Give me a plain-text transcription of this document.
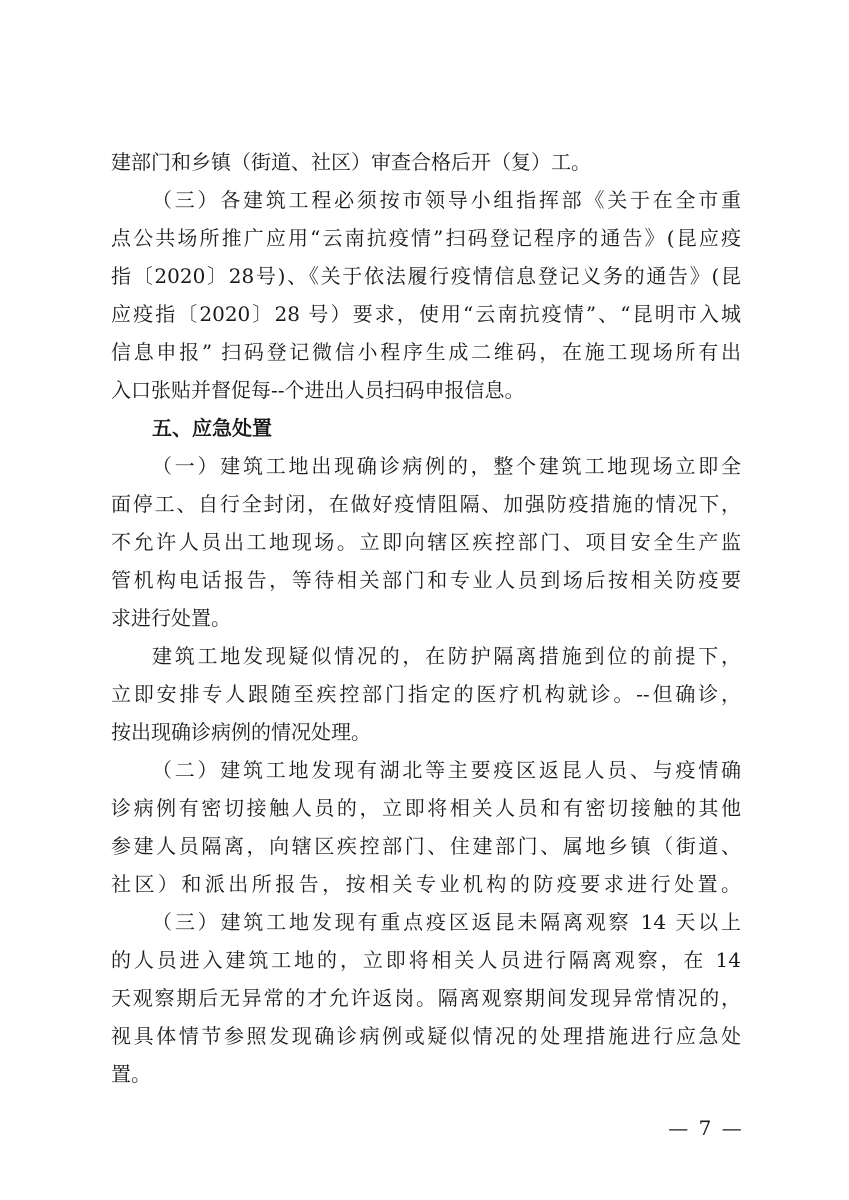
建部门和乡镇（街道、社区）审查合格后开（复）工。
（三）各建筑工程必须按市领导小组指挥部《关于在全市重
点公共场所推广应用“云南抗疫情”扫码登记程序的通告》(昆应疫
指〔2020〕28号)、《关于依法履行疫情信息登记义务的通告》(昆
应疫指〔2020〕28 号）要求，使用“云南抗疫情”、“昆明市入城
信息申报” 扫码登记微信小程序生成二维码，在施工现场所有出
入口张贴并督促每--个进出人员扫码申报信息。
五、应急处置
（一）建筑工地出现确诊病例的，整个建筑工地现场立即全
面停工、自行全封闭，在做好疫情阻隔、加强防疫措施的情况下，
不允许人员出工地现场。立即向辖区疾控部门、项目安全生产监
管机构电话报告，等待相关部门和专业人员到场后按相关防疫要
求进行处置。
建筑工地发现疑似情况的，在防护隔离措施到位的前提下，
立即安排专人跟随至疾控部门指定的医疗机构就诊。--但确诊，
按出现确诊病例的情况处理。
（二）建筑工地发现有湖北等主要疫区返昆人员、与疫情确
诊病例有密切接触人员的，立即将相关人员和有密切接触的其他
参建人员隔离，向辖区疾控部门、住建部门、属地乡镇（街道、
社区）和派出所报告，按相关专业机构的防疫要求进行处置。
（三）建筑工地发现有重点疫区返昆未隔离观察 14 天以上
的人员进入建筑工地的，立即将相关人员进行隔离观察，在 14
天观察期后无异常的才允许返岗。隔离观察期间发现异常情况的，
视具体情节参照发现确诊病例或疑似情况的处理措施进行应急处
置。
— 7 —
